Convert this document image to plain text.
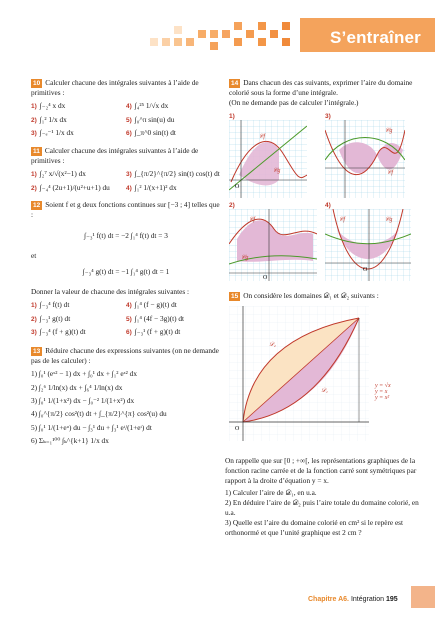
S’entraîner
10 Calculer chacune des intégrales suivantes à l’aide de primitives :
1) ∫₋₂⁴ x dx	4) ∫₄²⁵ 1/√x dx
2) ∫₁² 1/x dx	5) ∫₀^π sin(u) du
3) ∫₋ₑ⁻¹ 1/x dx	6) ∫_π^0 sin(t) dt
11 Calculer chacune des intégrales suivantes à l’aide de primitives :
1) ∫₂⁷ x/√(x²−1) dx	3) ∫_{π/2}^{π/2} sin(t) cos(t) dt
2) ∫₋₄⁴ (2u+1)/(u²+u+1) du	4) ∫₁² 1/(x+1)² dx
12 Soient f et g deux fonctions continues sur [−3 ; 4] telles que :
∫₋₃¹ f(t) dt = −2 ∫₁⁴ f(t) dt = 3
et
∫₋₃⁴ g(t) dt = −1 ∫₁⁴ g(t) dt = 1
Donner la valeur de chacune des intégrales suivantes :
1) ∫₋₃⁴ f(t) dt	4) ∫₁⁴ (f − g)(t) dt
2) ∫₋₃¹ g(t) dt	5) ∫₁⁴ (4f − 3g)(t) dt
3) ∫₋₃⁴ (f + g)(t) dt	6) ∫₋₃¹ (f + g)(t) dt
13 Réduire chacune des expressions suivantes (on ne demande pas de les calculer) :
1) ∫₀¹ (eˣ² − 1) dx + ∫₀¹ dx + ∫₁² eˣ² dx
2) ∫₂⁶ 1/ln(x) dx + ∫₆⁴ 1/ln(x) dx
3) ∫₀¹ 1/(1+x²) dx − ∫₀⁻² 1/(1+x²) dx
4) ∫₀^{π/2} cos²(t) dt + ∫_{π/2}^{π} cos²(u) du
5) ∫₀¹ 1/(1+eᵘ) du − ∫₃¹ du + ∫₃¹ eᵗ/(1+eᵗ) dt
6) Σₖ₌₁¹⁰⁰ ∫ₖ^{k+1} 1/x dx
14 Dans chacun des cas suivants, exprimer l’aire du domaine colorié sous la forme d’une intégrale.
(On ne demande pas de calculer l’intégrale.)
1)
O
𝒞f
𝒞g
3)
𝒞g
𝒞f
2)
O
𝒞f
𝒞g
4)
O
𝒞f	𝒞g
15 On considère les domaines 𝒟₁ et 𝒟₂ suivants :
O
𝒟₂
𝒟₁
y = √x
y = x
y = x²
On rappelle que sur [0 ; +∞[, les représentations graphiques de la fonction racine carrée et de la fonction carré sont symétriques par rapport à la droite d’équation y = x.
1) Calculer l’aire de 𝒟₁, en u.a.
2) En déduire l’aire de 𝒟₂ puis l’aire totale du domaine colorié, en u.a.
3) Quelle est l’aire du domaine colorié en cm² si le repère est orthonormé et que l’unité graphique est 2 cm ?
Chapitre A6. Intégration 195
